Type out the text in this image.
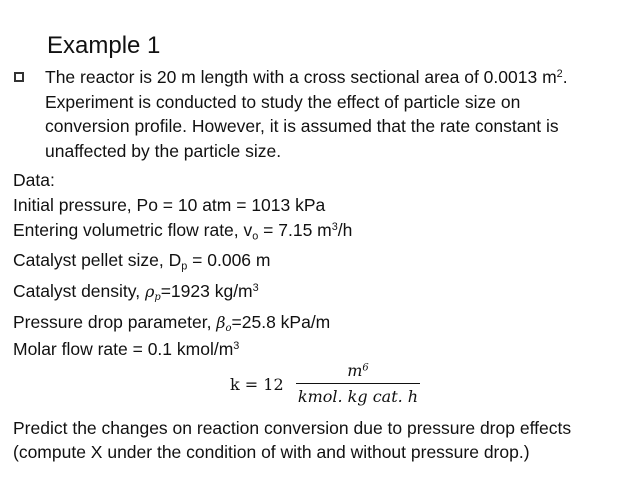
Example 1
The reactor is 20 m length with a cross sectional area of 0.0013 $m^2$.
Experiment is conducted to study the effect of particle size on
conversion profile. However, it is assumed that the rate constant is
unaffected by the particle size.
Data:
Initial pressure, Po = 10 atm = 1013 kPa
Entering volumetric flow rate, $v_o = 7.15$ $m^3/h$
Catalyst pellet size, $D_p = 0.006$ m
Catalyst density, $\rho_p=1923$ $kg/m^3$
Pressure drop parameter, $\beta_o=25.8$ kPa/m
Molar flow rate = 0.1 kmol/$m^3$
k = 12
$m^6$
kmol. kg cat. h
Predict the changes on reaction conversion due to pressure drop effects
(compute X under the condition of with and without pressure drop.)
